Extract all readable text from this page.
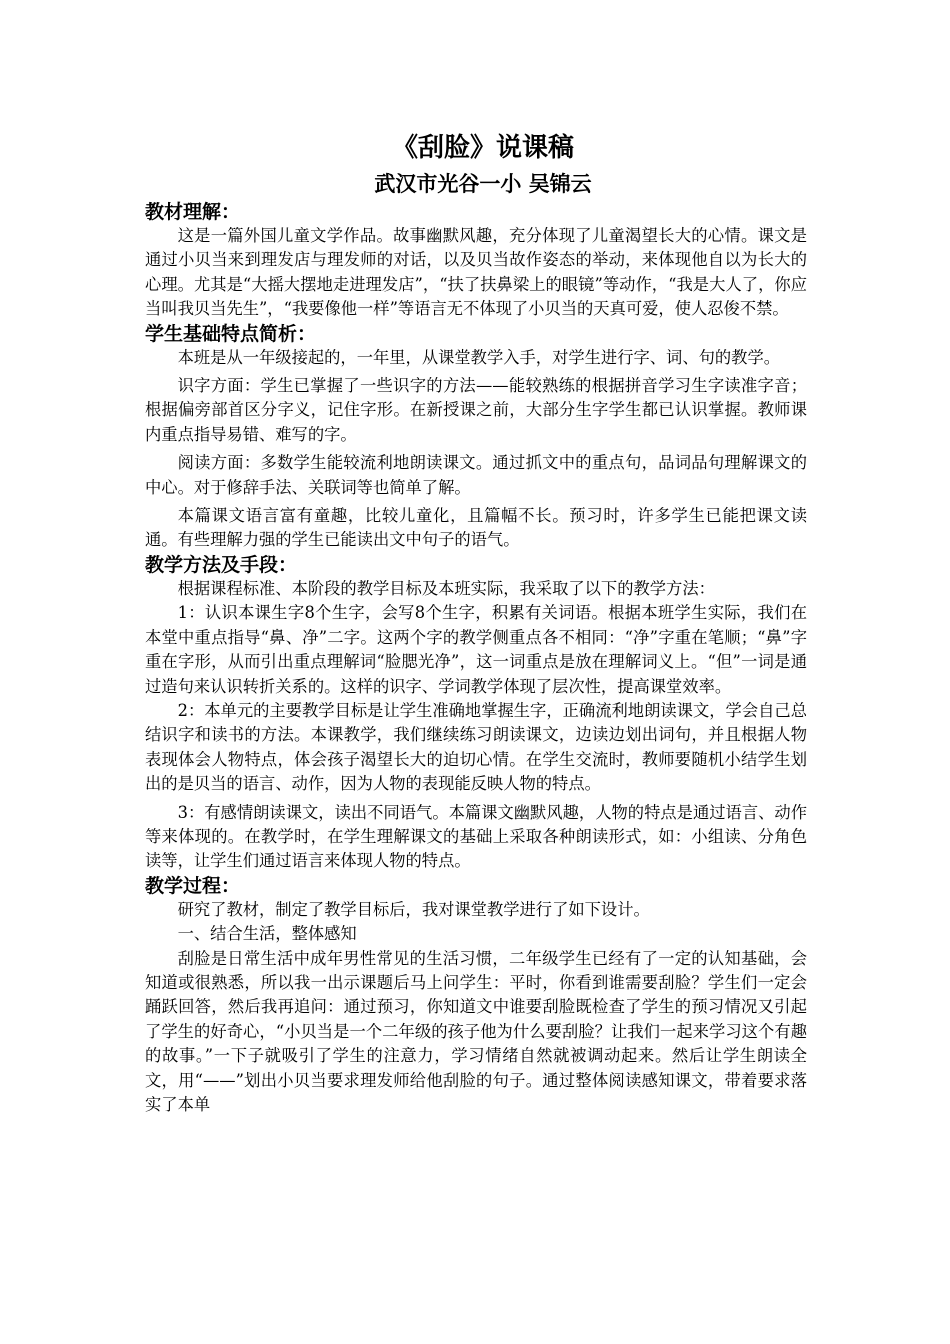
《刮脸》说课稿
武汉市光谷一小 吴锦云
教材理解：

这是一篇外国儿童文学作品。故事幽默风趣，充分体现了儿童渴望长大的心情。课文是通过小贝当来到理发店与理发师的对话，以及贝当故作姿态的举动，来体现他自以为长大的心理。尤其是“大摇大摆地走进理发店”，“扶了扶鼻梁上的眼镜”等动作，“我是大人了，你应当叫我贝当先生”，“我要像他一样”等语言无不体现了小贝当的天真可爱，使人忍俊不禁。

学生基础特点简析：

本班是从一年级接起的，一年里，从课堂教学入手，对学生进行字、词、句的教学。

识字方面：学生已掌握了一些识字的方法——能较熟练的根据拼音学习生字读准字音；根据偏旁部首区分字义，记住字形。在新授课之前，大部分生字学生都已认识掌握。教师课内重点指导易错、难写的字。

阅读方面：多数学生能较流利地朗读课文。通过抓文中的重点句，品词品句理解课文的中心。对于修辞手法、关联词等也简单了解。

本篇课文语言富有童趣，比较儿童化，且篇幅不长。预习时，许多学生已能把课文读通。有些理解力强的学生已能读出文中句子的语气。

教学方法及手段：

根据课程标准、本阶段的教学目标及本班实际，我采取了以下的教学方法：

1：认识本课生字8个生字，会写8个生字，积累有关词语。根据本班学生实际，我们在本堂中重点指导“鼻、净”二字。这两个字的教学侧重点各不相同：“净”字重在笔顺；“鼻”字重在字形，从而引出重点理解词“脸腮光净”，这一词重点是放在理解词义上。“但”一词是通过造句来认识转折关系的。这样的识字、学词教学体现了层次性，提高课堂效率。

2：本单元的主要教学目标是让学生准确地掌握生字，正确流利地朗读课文，学会自己总结识字和读书的方法。本课教学，我们继续练习朗读课文，边读边划出词句，并且根据人物表现体会人物特点，体会孩子渴望长大的迫切心情。在学生交流时，教师要随机小结学生划出的是贝当的语言、动作，因为人物的表现能反映人物的特点。

3：有感情朗读课文，读出不同语气。本篇课文幽默风趣，人物的特点是通过语言、动作等来体现的。在教学时，在学生理解课文的基础上采取各种朗读形式，如：小组读、分角色读等，让学生们通过语言来体现人物的特点。

教学过程：

研究了教材，制定了教学目标后，我对课堂教学进行了如下设计。

一、结合生活，整体感知

刮脸是日常生活中成年男性常见的生活习惯，二年级学生已经有了一定的认知基础，会知道或很熟悉，所以我一出示课题后马上问学生：平时，你看到谁需要刮脸？学生们一定会踊跃回答，然后我再追问：通过预习，你知道文中谁要刮脸既检查了学生的预习情况又引起了学生的好奇心，“小贝当是一个二年级的孩子他为什么要刮脸？让我们一起来学习这个有趣的故事。”一下子就吸引了学生的注意力，学习情绪自然就被调动起来。然后让学生朗读全文，用“——”划出小贝当要求理发师给他刮脸的句子。通过整体阅读感知课文，带着要求落实了本单
